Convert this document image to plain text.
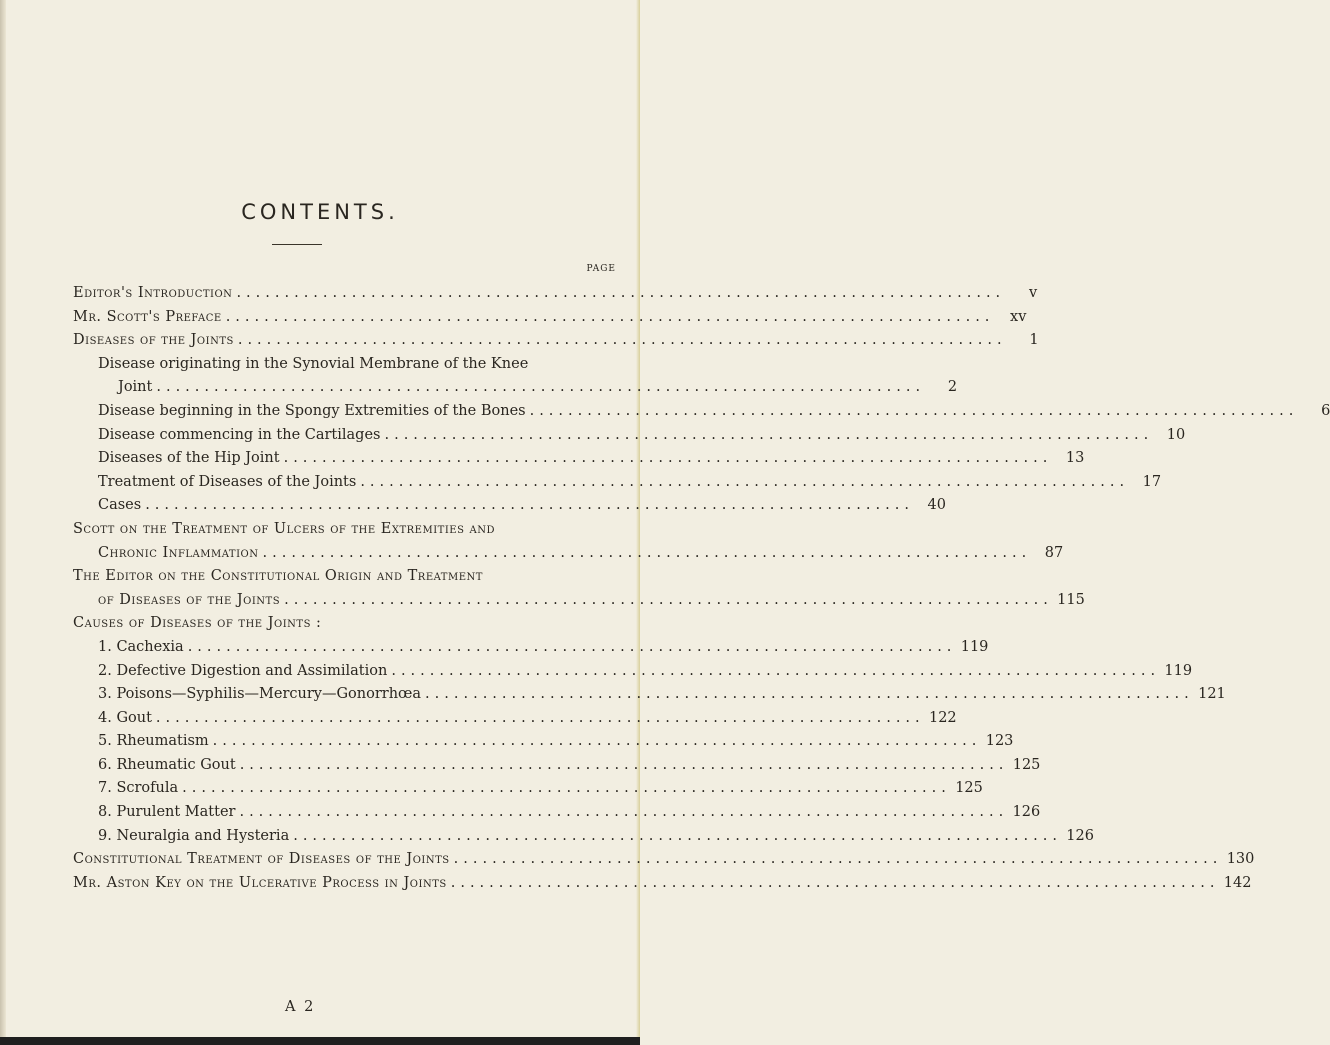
CONTENTS.
PAGE
Editor's Introduction ................................................................................	v
Mr. Scott's Preface ................................................................................	xv
Diseases of the Joints ................................................................................	1
Disease originating in the Synovial Membrane of the Knee
Joint ................................................................................	2
Disease beginning in the Spongy Extremities of the Bones ................................................................................	6
Disease commencing in the Cartilages ................................................................................ 10
Diseases of the Hip Joint ................................................................................ 13
Treatment of Diseases of the Joints ................................................................................ 17
Cases ................................................................................ 40
Scott on the Treatment of Ulcers of the Extremities and
Chronic Inflammation ................................................................................ 87
The Editor on the Constitutional Origin and Treatment
of Diseases of the Joints ................................................................................ 115
Causes of Diseases of the Joints :
1. Cachexia ................................................................................ 119
2. Defective Digestion and Assimilation ................................................................................ 119
3. Poisons—Syphilis—Mercury—Gonorrhœa ................................................................................ 121
4. Gout ................................................................................ 122
5. Rheumatism ................................................................................ 123
6. Rheumatic Gout ................................................................................ 125
7. Scrofula ................................................................................ 125
8. Purulent Matter ................................................................................ 126
9. Neuralgia and Hysteria ................................................................................ 126
Constitutional Treatment of Diseases of the Joints ................................................................................ 130
Mr. Aston Key on the Ulcerative Process in Joints ................................................................................ 142
A 2
